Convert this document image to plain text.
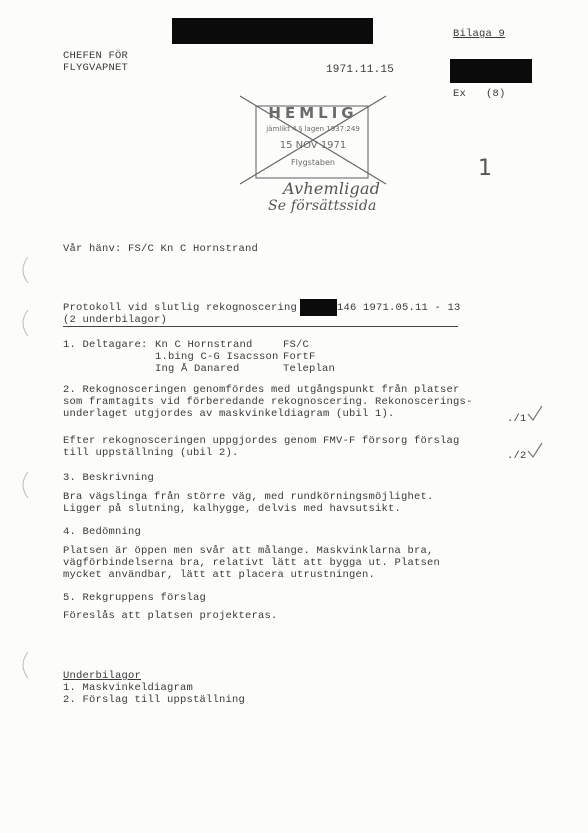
CHEFEN FÖR
FLYGVAPNET	1971.11.15
Bilaga 9
Ex (8)
1
HEMLIG
jämlikt 4 § lagen 1937:249
15 NOV 1971
Flygstaben
Avhemligad
Se försättssida
Vår hänv: FS/C Kn C Hornstrand
Protokoll vid slutlig rekognoscering	146 1971.05.11 - 13
(2 underbilagor)
1. Deltagare: Kn C Hornstrand	FS/C
1.bing C-G Isacsson FortF
Ing Å Danared	Teleplan
2. Rekognosceringen genomfördes med utgångspunkt från platser
som framtagits vid förberedande rekognoscering. Rekonoscerings-
underlaget utgjordes av maskvinkeldiagram (ubil 1).	./1
Efter rekognosceringen uppgjordes genom FMV-F försorg förslag
till uppställning (ubil 2).	./2
3. Beskrivning
Bra vägslinga från större väg, med rundkörningsmöjlighet.
Ligger på slutning, kalhygge, delvis med havsutsikt.
4. Bedömning
Platsen är öppen men svår att målange. Maskvinklarna bra,
vägförbindelserna bra, relativt lätt att bygga ut. Platsen
mycket användbar, lätt att placera utrustningen.
5. Rekgruppens förslag
Föreslås att platsen projekteras.
Underbilagor
1. Maskvinkeldiagram
2. Förslag till uppställning
